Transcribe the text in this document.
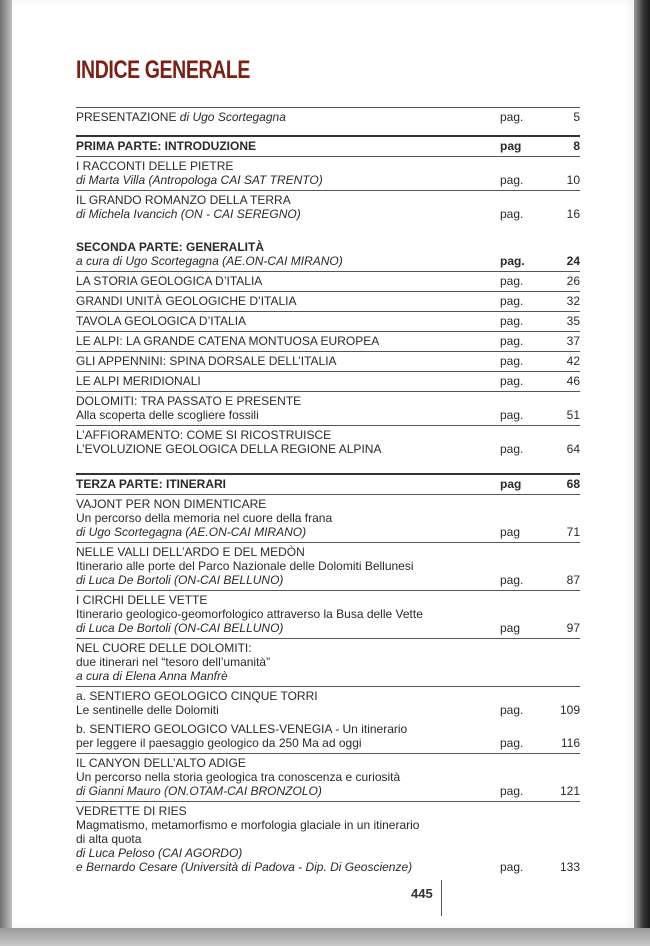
INDICE GENERALE
PRESENTAZIONE di Ugo Scortegagna	pag.	5
PRIMA PARTE: INTRODUZIONE	pag	8
I RACCONTI DELLE PIETRE
di Marta Villa (Antropologa CAI SAT TRENTO)	pag.	10
IL GRANDO ROMANZO DELLA TERRA
di Michela Ivancich (ON - CAI SEREGNO)	pag.	16
SECONDA PARTE: GENERALITÀ
a cura di Ugo Scortegagna (AE.ON-CAI MIRANO)	pag.	24
LA STORIA GEOLOGICA D’ITALIA	pag.	26
GRANDI UNITÀ GEOLOGICHE D’ITALIA	pag.	32
TAVOLA GEOLOGICA D’ITALIA	pag.	35
LE ALPI: LA GRANDE CATENA MONTUOSA EUROPEA	pag.	37
GLI APPENNINI: SPINA DORSALE DELL’ITALIA	pag.	42
LE ALPI MERIDIONALI	pag.	46
DOLOMITI: TRA PASSATO E PRESENTE
Alla scoperta delle scogliere fossili	pag.	51
L’AFFIORAMENTO: COME SI RICOSTRUISCE
L’EVOLUZIONE GEOLOGICA DELLA REGIONE ALPINA	pag.	64
TERZA PARTE: ITINERARI	pag	68
VAJONT PER NON DIMENTICARE
Un percorso della memoria nel cuore della frana
di Ugo Scortegagna (AE.ON-CAI MIRANO)	pag	71
NELLE VALLI DELL’ARDO E DEL MEDÒN
Itinerario alle porte del Parco Nazionale delle Dolomiti Bellunesi
di Luca De Bortoli (ON-CAI BELLUNO)	pag.	87
I CIRCHI DELLE VETTE
Itinerario geologico-geomorfologico attraverso la Busa delle Vette
di Luca De Bortoli (ON-CAI BELLUNO)	pag	97
NEL CUORE DELLE DOLOMITI:
due itinerari nel “tesoro dell’umanità”
a cura di Elena Anna Manfrè
a. SENTIERO GEOLOGICO CINQUE TORRI
Le sentinelle delle Dolomiti	pag.	109
b. SENTIERO GEOLOGICO VALLES-VENEGIA - Un itinerario
per leggere il paesaggio geologico da 250 Ma ad oggi	pag.	116
IL CANYON DELL’ALTO ADIGE
Un percorso nella storia geologica tra conoscenza e curiosità
di Gianni Mauro (ON.OTAM-CAI BRONZOLO)	pag.	121
VEDRETTE DI RIES
Magmatismo, metamorfismo e morfologia glaciale in un itinerario
di alta quota
di Luca Peloso (CAI AGORDO)
e Bernardo Cesare (Università di Padova - Dip. Di Geoscienze)	pag.	133
445
